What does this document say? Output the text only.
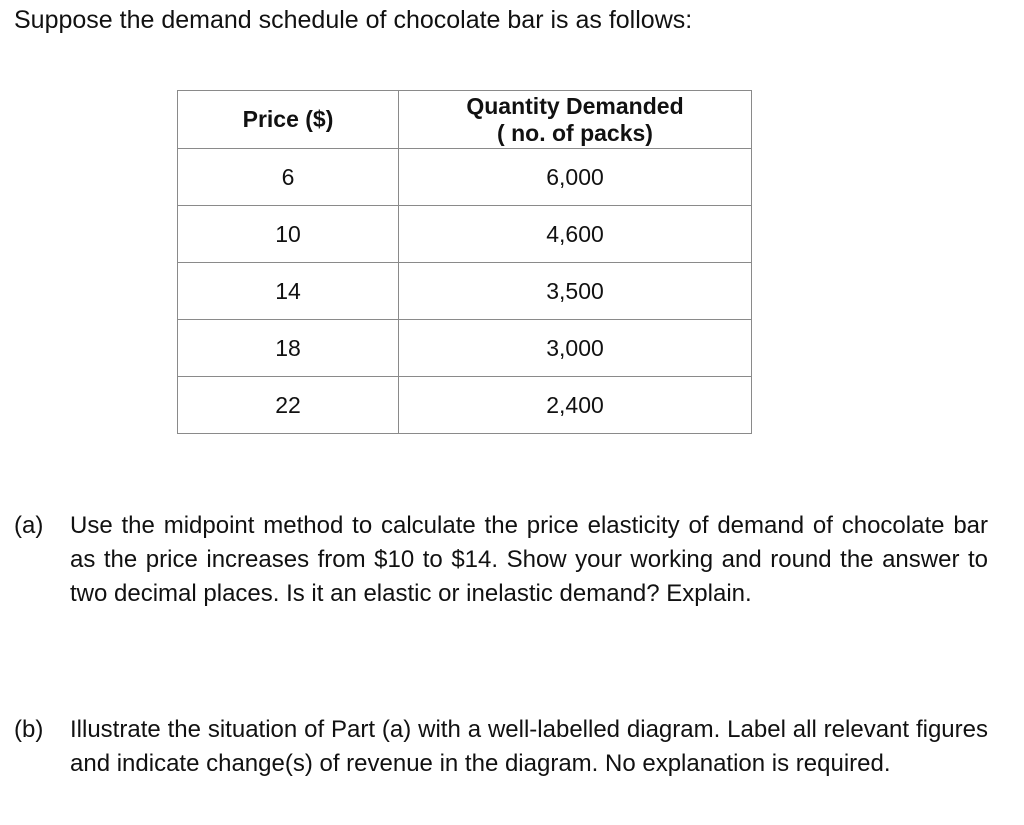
Suppose the demand schedule of chocolate bar is as follows:
Price ($)	Quantity Demanded
( no. of packs)

6	6,000
10	4,600
14	3,500
18	3,000
22	2,400
(a)	Use the midpoint method to calculate the price elasticity of demand of chocolate bar as the price increases from $10 to $14. Show your working and round the answer to two decimal places. Is it an elastic or inelastic demand? Explain.
(b)	Illustrate the situation of Part (a) with a well-labelled diagram. Label all relevant figures and indicate change(s) of revenue in the diagram. No explanation is required.
